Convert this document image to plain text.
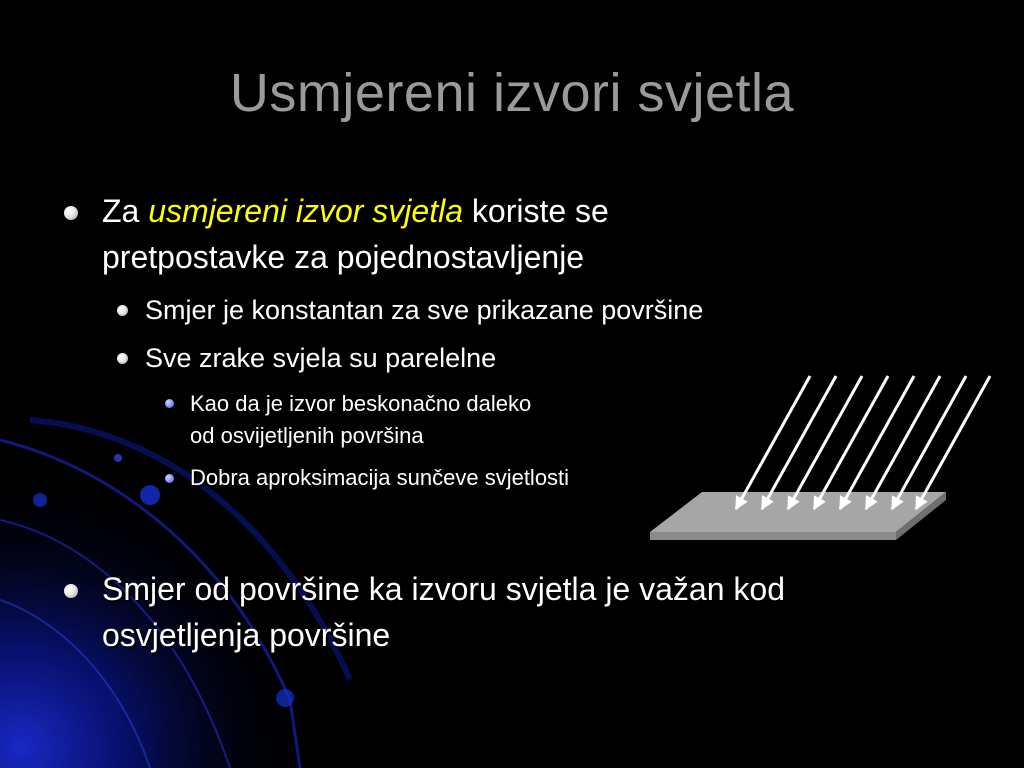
Usmjereni izvori svjetla
Za usmjereni izvor svjetla koriste se
pretpostavke za pojednostavljenje
Smjer je konstantan za sve prikazane površine
Sve zrake svjela su parelelne
Kao da je izvor beskonačno daleko
od osvijetljenih površina
Dobra aproksimacija sunčeve svjetlosti
Smjer od površine ka izvoru svjetla je važan kod
osvjetljenja površine
